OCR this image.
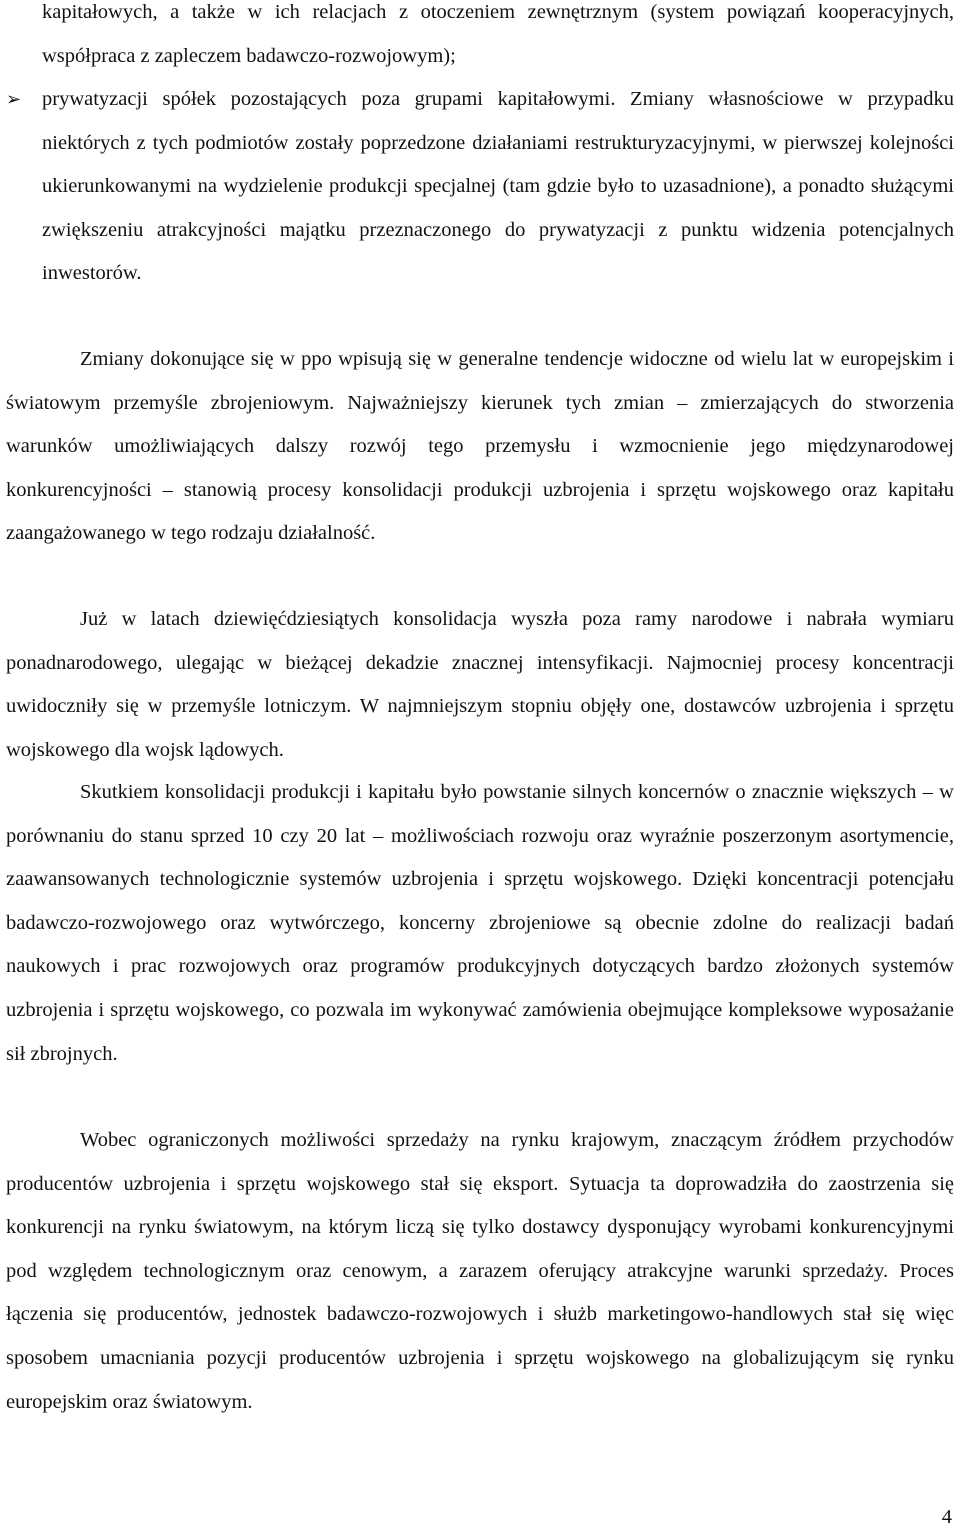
kapitałowych, a także w ich relacjach z otoczeniem zewnętrznym (system powiązań kooperacyjnych, współpraca z zapleczem badawczo-rozwojowym);

➢ prywatyzacji spółek pozostających poza grupami kapitałowymi. Zmiany własnościowe w przypadku niektórych z tych podmiotów zostały poprzedzone działaniami restrukturyzacyjnymi, w pierwszej kolejności ukierunkowanymi na wydzielenie produkcji specjalnej (tam gdzie było to uzasadnione), a ponadto służącymi zwiększeniu atrakcyjności majątku przeznaczonego do prywatyzacji z punktu widzenia potencjalnych inwestorów.

Zmiany dokonujące się w ppo wpisują się w generalne tendencje widoczne od wielu lat w europejskim i światowym przemyśle zbrojeniowym. Najważniejszy kierunek tych zmian – zmierzających do stworzenia warunków umożliwiających dalszy rozwój tego przemysłu i wzmocnienie jego międzynarodowej konkurencyjności – stanowią procesy konsolidacji produkcji uzbrojenia i sprzętu wojskowego oraz kapitału zaangażowanego w tego rodzaju działalność.

Już w latach dziewięćdziesiątych konsolidacja wyszła poza ramy narodowe i nabrała wymiaru ponadnarodowego, ulegając w bieżącej dekadzie znacznej intensyfikacji. Najmocniej procesy koncentracji uwidoczniły się w przemyśle lotniczym. W najmniejszym stopniu objęły one, dostawców uzbrojenia i sprzętu wojskowego dla wojsk lądowych.

Skutkiem konsolidacji produkcji i kapitału było powstanie silnych koncernów o znacznie większych – w porównaniu do stanu sprzed 10 czy 20 lat – możliwościach rozwoju oraz wyraźnie poszerzonym asortymencie, zaawansowanych technologicznie systemów uzbrojenia i sprzętu wojskowego. Dzięki koncentracji potencjału badawczo-rozwojowego oraz wytwórczego, koncerny zbrojeniowe są obecnie zdolne do realizacji badań naukowych i prac rozwojowych oraz programów produkcyjnych dotyczących bardzo złożonych systemów uzbrojenia i sprzętu wojskowego, co pozwala im wykonywać zamówienia obejmujące kompleksowe wyposażanie sił zbrojnych.

Wobec ograniczonych możliwości sprzedaży na rynku krajowym, znaczącym źródłem przychodów producentów uzbrojenia i sprzętu wojskowego stał się eksport. Sytuacja ta doprowadziła do zaostrzenia się konkurencji na rynku światowym, na którym liczą się tylko dostawcy dysponujący wyrobami konkurencyjnymi pod względem technologicznym oraz cenowym, a zarazem oferujący atrakcyjne warunki sprzedaży. Proces łączenia się producentów, jednostek badawczo-rozwojowych i służb marketingowo-handlowych stał się więc sposobem umacniania pozycji producentów uzbrojenia i sprzętu wojskowego na globalizującym się rynku europejskim oraz światowym.

4
